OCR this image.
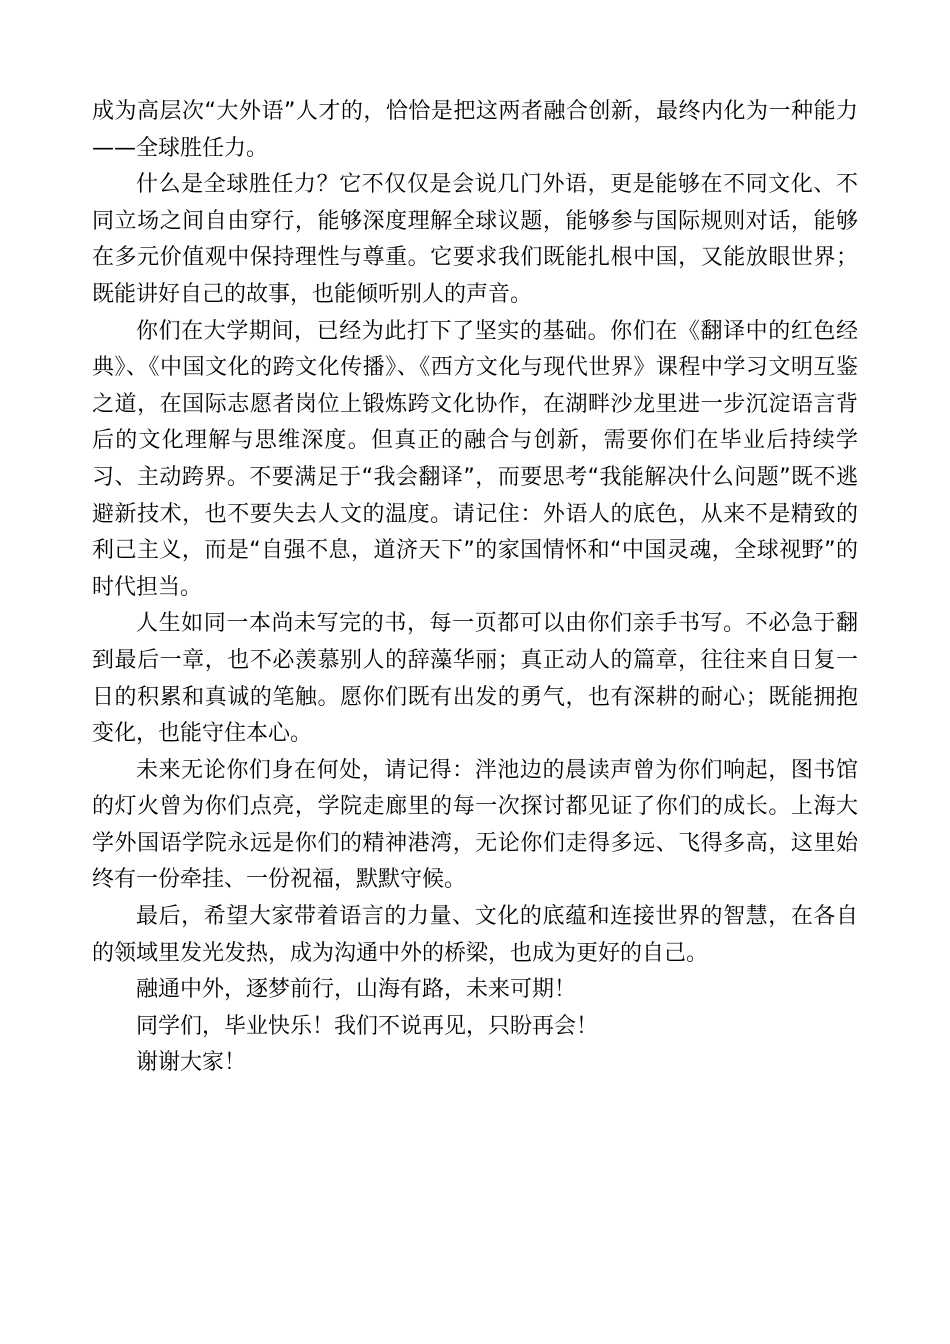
成为高层次“大外语”人才的，恰恰是把这两者融合创新，最终内化为一种能力——全球胜任力。

什么是全球胜任力？它不仅仅是会说几门外语，更是能够在不同文化、不同立场之间自由穿行，能够深度理解全球议题，能够参与国际规则对话，能够在多元价值观中保持理性与尊重。它要求我们既能扎根中国，又能放眼世界；既能讲好自己的故事，也能倾听别人的声音。

你们在大学期间，已经为此打下了坚实的基础。你们在《翻译中的红色经典》、《中国文化的跨文化传播》、《西方文化与现代世界》课程中学习文明互鉴之道，在国际志愿者岗位上锻炼跨文化协作，在湖畔沙龙里进一步沉淀语言背后的文化理解与思维深度。但真正的融合与创新，需要你们在毕业后持续学习、主动跨界。不要满足于“我会翻译”，而要思考“我能解决什么问题”既不逃避新技术，也不要失去人文的温度。请记住：外语人的底色，从来不是精致的利己主义，而是“自强不息，道济天下”的家国情怀和“中国灵魂，全球视野”的时代担当。

人生如同一本尚未写完的书，每一页都可以由你们亲手书写。不必急于翻到最后一章，也不必羡慕别人的辞藻华丽；真正动人的篇章，往往来自日复一日的积累和真诚的笔触。愿你们既有出发的勇气，也有深耕的耐心；既能拥抱变化，也能守住本心。

未来无论你们身在何处，请记得：泮池边的晨读声曾为你们响起，图书馆的灯火曾为你们点亮，学院走廊里的每一次探讨都见证了你们的成长。上海大学外国语学院永远是你们的精神港湾，无论你们走得多远、飞得多高，这里始终有一份牵挂、一份祝福，默默守候。

最后，希望大家带着语言的力量、文化的底蕴和连接世界的智慧，在各自的领域里发光发热，成为沟通中外的桥梁，也成为更好的自己。

融通中外，逐梦前行，山海有路，未来可期！

同学们，毕业快乐！我们不说再见，只盼再会！

谢谢大家！
